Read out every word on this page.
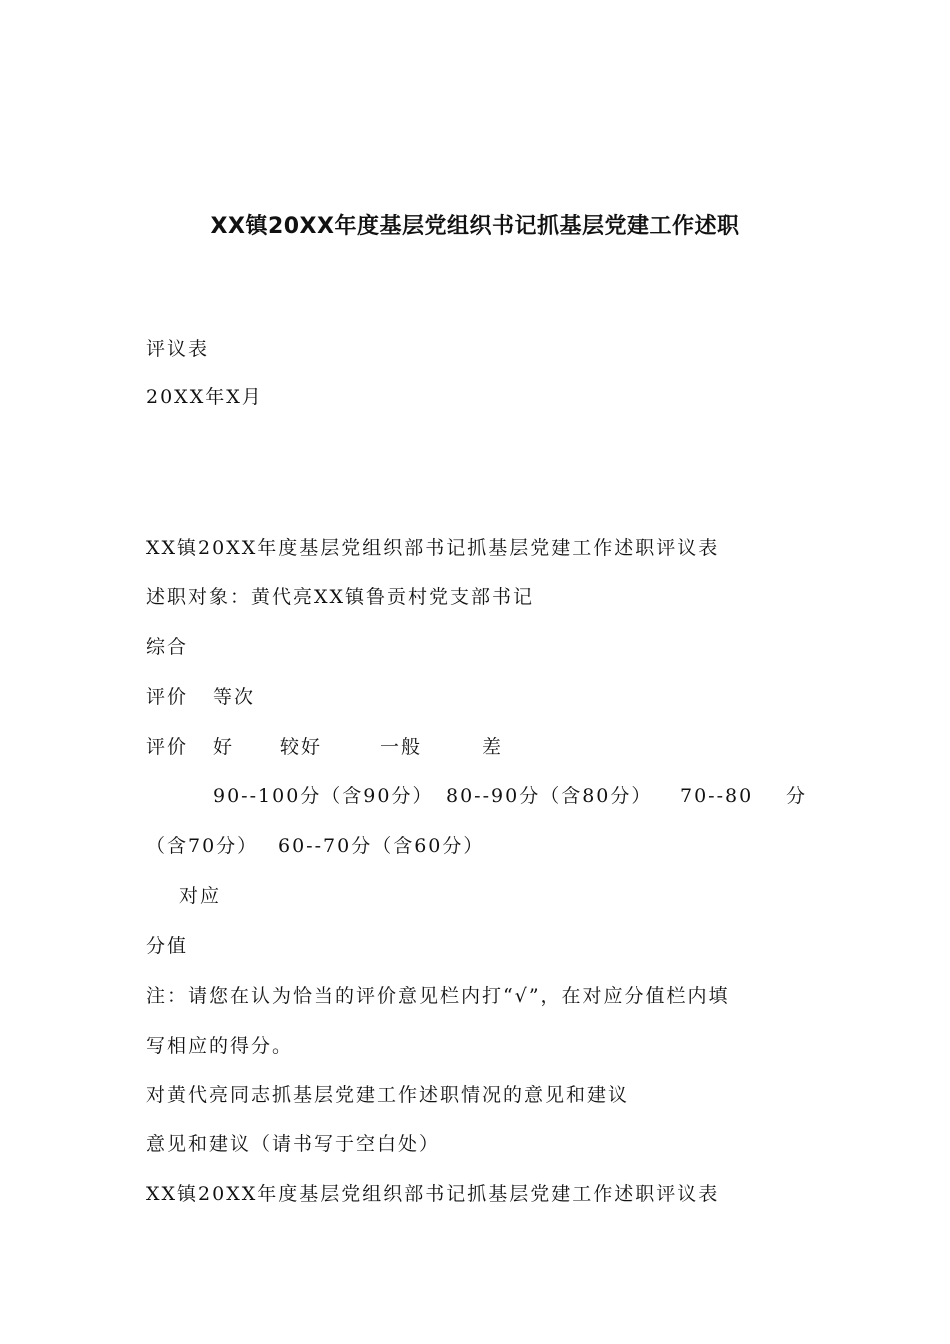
XX镇20XX年度基层党组织书记抓基层党建工作述职
评议表
20XX年X月
XX镇20XX年度基层党组织部书记抓基层党建工作述职评议表
述职对象：黄代亮XX镇鲁贡村党支部书记
综合
评价 等次
评价 好 较好	一般	差
90--100分（含90分） 80--90分（含80分） 70--80 分
（含70分） 60--70分（含60分）
对应
分值
注：请您在认为恰当的评价意见栏内打“√”，在对应分值栏内填
写相应的得分。
对黄代亮同志抓基层党建工作述职情况的意见和建议
意见和建议（请书写于空白处）
XX镇20XX年度基层党组织部书记抓基层党建工作述职评议表
